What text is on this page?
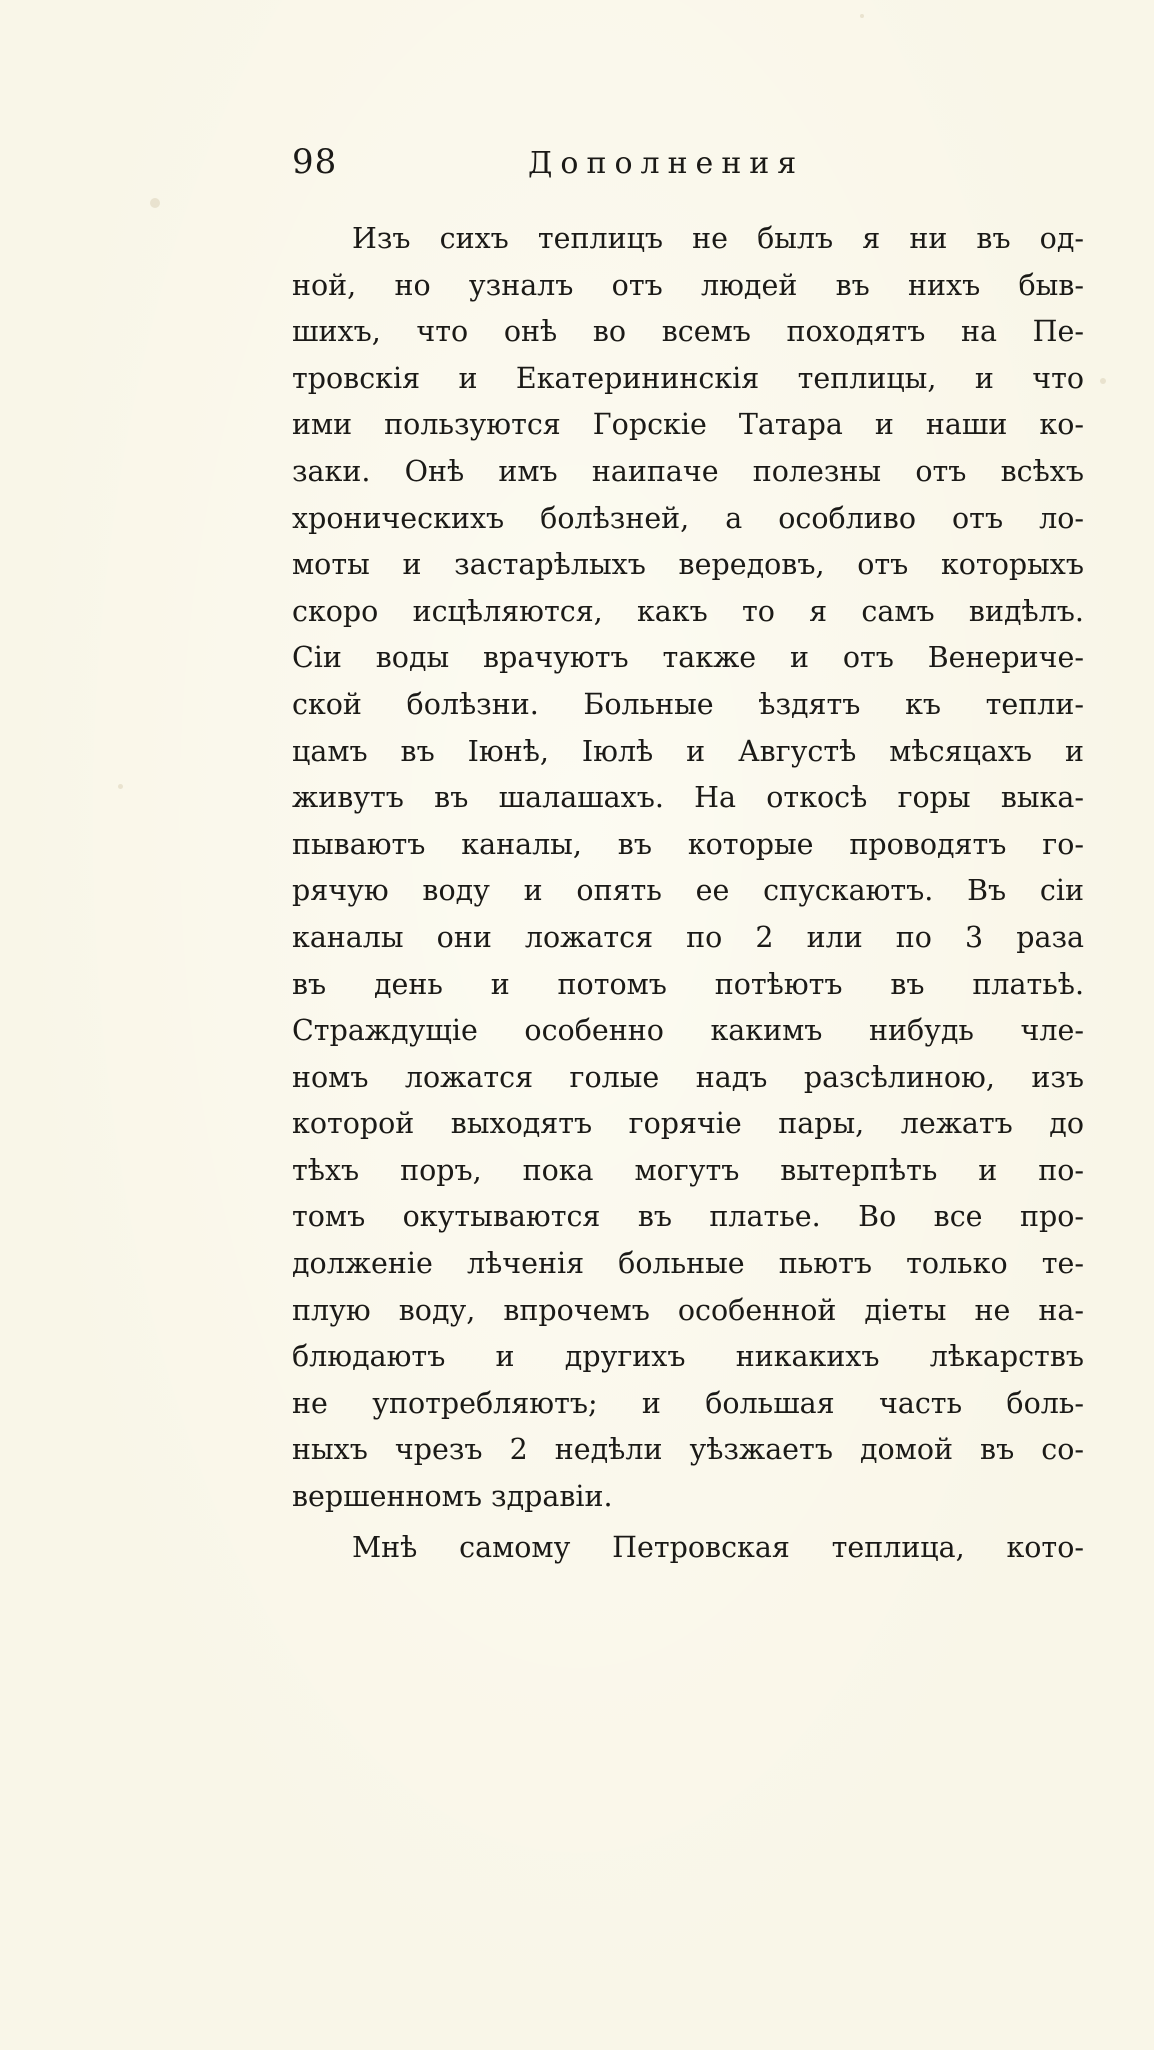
98	Дополнения
Изъ сихъ теплицъ не былъ я ни въ од-
ной, но узналъ отъ людей въ нихъ быв-
шихъ, что онѣ во всемъ походятъ на Пе-
тровскія и Екатерининскія теплицы, и что
ими пользуются Горскіе Татара и наши ко-
заки. Онѣ имъ наипаче полезны отъ всѣхъ
хроническихъ болѣзней, а особливо отъ ло-
моты и застарѣлыхъ вередовъ, отъ которыхъ
скоро исцѣляются, какъ то я самъ видѣлъ.
Сіи воды врачуютъ также и отъ Венериче-
ской болѣзни. Больные ѣздятъ къ тепли-
цамъ въ Іюнѣ, Іюлѣ и Августѣ мѣсяцахъ и
живутъ въ шалашахъ. На откосѣ горы выка-
пываютъ каналы, въ которые проводятъ го-
рячую воду и опять ее спускаютъ. Въ сіи
каналы они ложатся по 2 или по 3 раза
въ день и потомъ потѣютъ въ платьѣ.
Страждущіе особенно какимъ нибудь чле-
номъ ложатся голые надъ разсѣлиною, изъ
которой выходятъ горячіе пары, лежатъ до
тѣхъ поръ, пока могутъ вытерпѣть и по-
томъ окутываются въ платье. Во все про-
долженіе лѣченія больные пьютъ только те-
плую воду, впрочемъ особенной діеты не на-
блюдаютъ и другихъ никакихъ лѣкарствъ
не употребляютъ; и большая часть боль-
ныхъ чрезъ 2 недѣли уѣзжаетъ домой въ со-
вершенномъ здравіи.
Мнѣ самому Петровская теплица, кото-
